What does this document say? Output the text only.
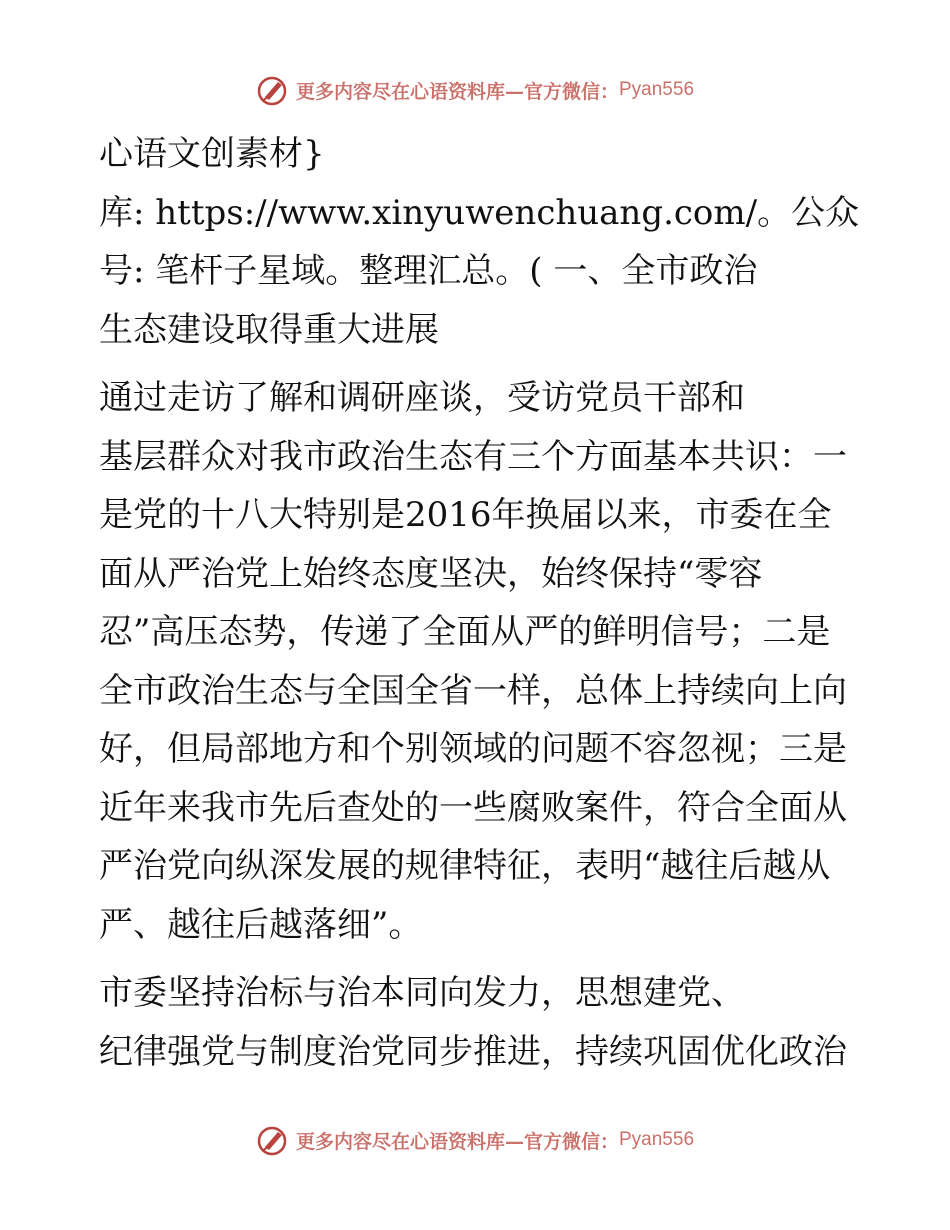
更多内容尽在心语资料库— 官方微信： Pyan556
心语文创素材}
库: https://www.xinyuwenchuang.com/。公众
号: 笔杆子星域。整理汇总。( 一、全市政治
生态建设取得重大进展
通过走访了解和调研座谈，受访党员干部和
基层群众对我市政治生态有三个方面基本共识：一
是党的十八大特别是2016年换届以来，市委在全
面从严治党上始终态度坚决，始终保持“零容
忍”高压态势，传递了全面从严的鲜明信号；二是
全市政治生态与全国全省一样，总体上持续向上向
好，但局部地方和个别领域的问题不容忽视；三是
近年来我市先后查处的一些腐败案件，符合全面从
严治党向纵深发展的规律特征，表明“越往后越从
严、越往后越落细”。
市委坚持治标与治本同向发力，思想建党、
纪律强党与制度治党同步推进，持续巩固优化政治
更多内容尽在心语资料库— 官方微信： Pyan556
